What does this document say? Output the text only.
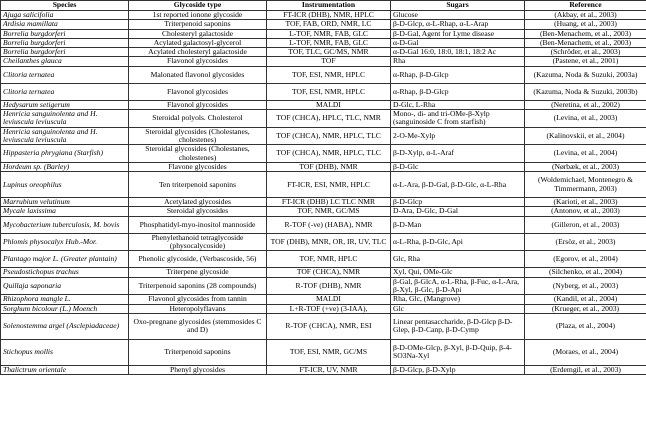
Species	Glycoside type	Instrumentation	Sugars	Reference
Ajuga salicifolia	1st reported ionone glycoside	FT-ICR (DHB), NMR, HPLC	Glucose	(Akbay, et al., 2003)
Ardisia mamillata	Triterpenoid saponins	TOF, FAB, ORD, NMR, LC	β-D-Glcp, α-L-Rhap, α-L-Arap	(Huang, et al., 2003)
Borrelia burgdorferi	Cholesteryl galactoside	L-TOF, NMR, FAB, GLC	β-D-Gal, Agent for Lyme disease	(Ben-Menachem, et al., 2003)
Borrelia burgdorferi	Acylated galactosyl-glycerol	L-TOF, NMR, FAB, GLC	α-D-Gal	(Ben-Menachem, et al., 2003)
Borrelia burgdorferi	Acylated cholesteryl galactoside	TOF, TLC, GC/MS, NMR	α-D-Gal 16:0, 18:0, 18:1, 18:2 Ac	(Schröder, et al., 2003)
Cheilanthes glauca	Flavonol glycosides	TOF	Rha	(Pastene, et al., 2001)
Clitoria ternatea	Malonated flavonol glycosides	TOF, ESI, NMR, HPLC	α-Rhap, β-D-Glcp	(Kazuma, Noda & Suzuki, 2003a)
Clitoria ternatea	Flavonol glycosides	TOF, ESI, NMR, HPLC	α-Rhap, β-D-Glcp	(Kazuma, Noda & Suzuki, 2003b)
Hedysarum setigerum	Flavonol glycosides	MALDI	D-Glc, L-Rha	(Neretina, et al., 2002)
Henricia sanguinolenta and H. leviuscula leviuscula	Steroidal polyols. Cholesterol	TOF (CHCA), HPLC, TLC, NMR	Mono-, di- and tri-OMe-β-Xylp (sanguinoside C from starfish)	(Levina, et al., 2003)
Henricia sanguinolenta and H. leviuscula leviuscula	Steroidal glycosides (Cholestanes, cholestenes)	TOF (CHCA), NMR, HPLC, TLC	2-O-Me-Xylp	(Kalinovskii, et al., 2004)
Hippasteria phrygiana (Starfish)	Steroidal glycosides (Cholestanes, cholestenes)	TOF (CHCA), NMR, HPLC, TLC	β-D-Xylp, α-L-Araf	(Levina, et al., 2004)
Hordeum sp. (Barley)	Flavone glycosides	TOF (DHB), NMR	β-D-Glc	(Nørbæk, et al., 2003)
Lupinus oreophilus	Ten triterpenoid saponins	FT-ICR, ESI, NMR, HPLC	α-L-Ara, β-D-Gal, β-D-Glc, α-L-Rha	(Woldemichael, Montenegro & Timmermann, 2003)
Marrubium velutinum	Acetylated glycosides	FT-ICR (DHB) LC TLC NMR	β-D-Glcp	(Karioti, et al., 2003)
Mycale laxissima	Steroidal glycosides	TOF, NMR, GC/MS	D-Ara, D-Glc, D-Gal	(Antonov, et al., 2003)
Mycobacterium tuberculosis, M. bovis	Phosphatidyl-myo-inositol mannoside	R-TOF (-ve) (HABA), NMR	β-D-Man	(Gilleron, et al., 2003)
Phlomis physocalyx Hub.-Mor.	Phenylethanoid tetraglycoside (physocalycoside)	TOF (DHB), MNR, OR, IR, UV, TLC	α-L-Rha, β-D-Glc, Api	(Ersöz, et al., 2003)
Plantago major L. (Greater plantain)	Phenolic glycoside, (Verbascoside, 56)	TOF, NMR, HPLC	Glc, Rha	(Egorov, et al., 2004)
Pseudostichopus trachus	Triterpene glycoside	TOF (CHCA), NMR	Xyl, Qui, OMe-Glc	(Silchenko, et al., 2004)
Quillaja saponaria	Triterpenoid saponins (28 compounds)	R-TOF (DHB), NMR	β-Gal, β-GlcA, α-L-Rha, β-Fuc, α-L-Ara, β-Xyl, β-Glc, β-D-Api	(Nyberg, et al., 2003)
Rhizophora mangle L.	Flavonol glycosides from tannin	MALDI	Rha, Glc, (Mangrove)	(Kandil, et al., 2004)
Sorghum bicolour (L.) Moench	Heteropolyflavans	L+R-TOF (+ve) (3-IAA),	Glc	(Krueger, et al., 2003)
Solenostemma argel (Asclepiadaceae)	Oxo-pregnane glycosides (stemmosides C and D)	R-TOF (CHCA), NMR, ESI	Linear pentasaccharide, β-D-Glcp β-D-Glep, β-D-Canp, β-D-Cymp	(Plaza, et al., 2004)
Stichopus mollis	Triterpenoid saponins	TOF, ESI, NMR, GC/MS	β-D-OMe-Glcp, β-Xyl, β-D-Quip, β-4-SO3Na-Xyl	(Moraes, et al., 2004)
Thalictrum orientale	Phenyl glycosides	FT-ICR, UV, NMR	β-D-Glcp, β-D-Xylp	(Erdemgil, et al., 2003)
